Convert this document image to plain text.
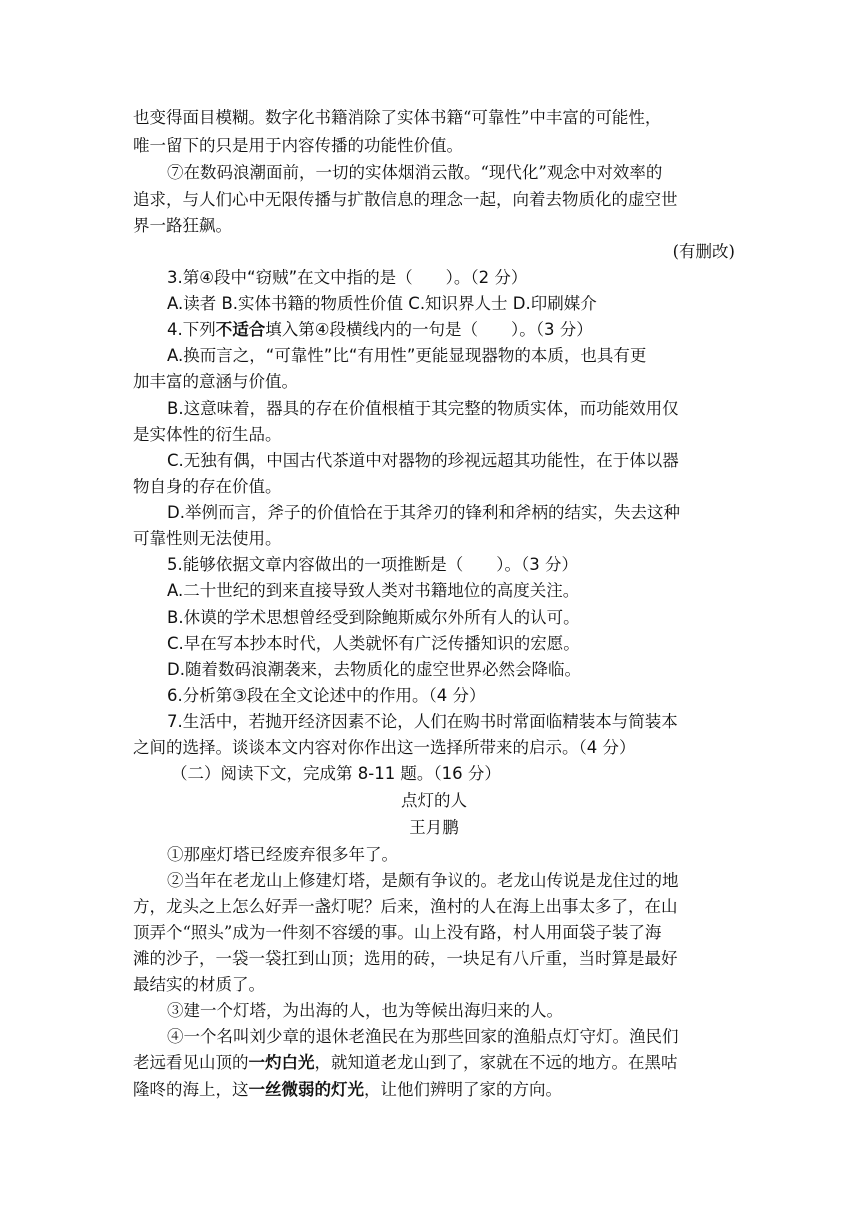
也变得面目模糊。数字化书籍消除了实体书籍“可靠性”中丰富的可能性，
唯一留下的只是用于内容传播的功能性价值。
⑦在数码浪潮面前，一切的实体烟消云散。“现代化”观念中对效率的
追求，与人们心中无限传播与扩散信息的理念一起，向着去物质化的虚空世
界一路狂飙。
(有删改)
3.第④段中“窃贼”在文中指的是（　　）。（2 分）
A.读者 B.实体书籍的物质性价值 C.知识界人士 D.印刷媒介
4.下列不适合填入第④段横线内的一句是（　　）。（3 分）
A.换而言之，“可靠性”比“有用性”更能显现器物的本质，也具有更
加丰富的意涵与价值。
B.这意味着，器具的存在价值根植于其完整的物质实体，而功能效用仅
是实体性的衍生品。
C.无独有偶，中国古代茶道中对器物的珍视远超其功能性，在于体以器
物自身的存在价值。
D.举例而言，斧子的价值恰在于其斧刃的锋利和斧柄的结实，失去这种
可靠性则无法使用。
5.能够依据文章内容做出的一项推断是（　　）。（3 分）
A.二十世纪的到来直接导致人类对书籍地位的高度关注。
B.休谟的学术思想曾经受到除鲍斯威尔外所有人的认可。
C.早在写本抄本时代，人类就怀有广泛传播知识的宏愿。
D.随着数码浪潮袭来，去物质化的虚空世界必然会降临。
6.分析第③段在全文论述中的作用。（4 分）
7.生活中，若抛开经济因素不论，人们在购书时常面临精装本与简装本
之间的选择。谈谈本文内容对你作出这一选择所带来的启示。（4 分）
（二）阅读下文，完成第 8-11 题。（16 分）
点灯的人
王月鹏
①那座灯塔已经废弃很多年了。
②当年在老龙山上修建灯塔，是颇有争议的。老龙山传说是龙住过的地
方，龙头之上怎么好弄一盏灯呢？后来，渔村的人在海上出事太多了，在山
顶弄个“照头”成为一件刻不容缓的事。山上没有路，村人用面袋子装了海
滩的沙子，一袋一袋扛到山顶；选用的砖，一块足有八斤重，当时算是最好
最结实的材质了。
③建一个灯塔，为出海的人，也为等候出海归来的人。
④一个名叫刘少章的退休老渔民在为那些回家的渔船点灯守灯。渔民们
老远看见山顶的一灼白光，就知道老龙山到了，家就在不远的地方。在黑咕
隆咚的海上，这一丝微弱的灯光，让他们辨明了家的方向。
